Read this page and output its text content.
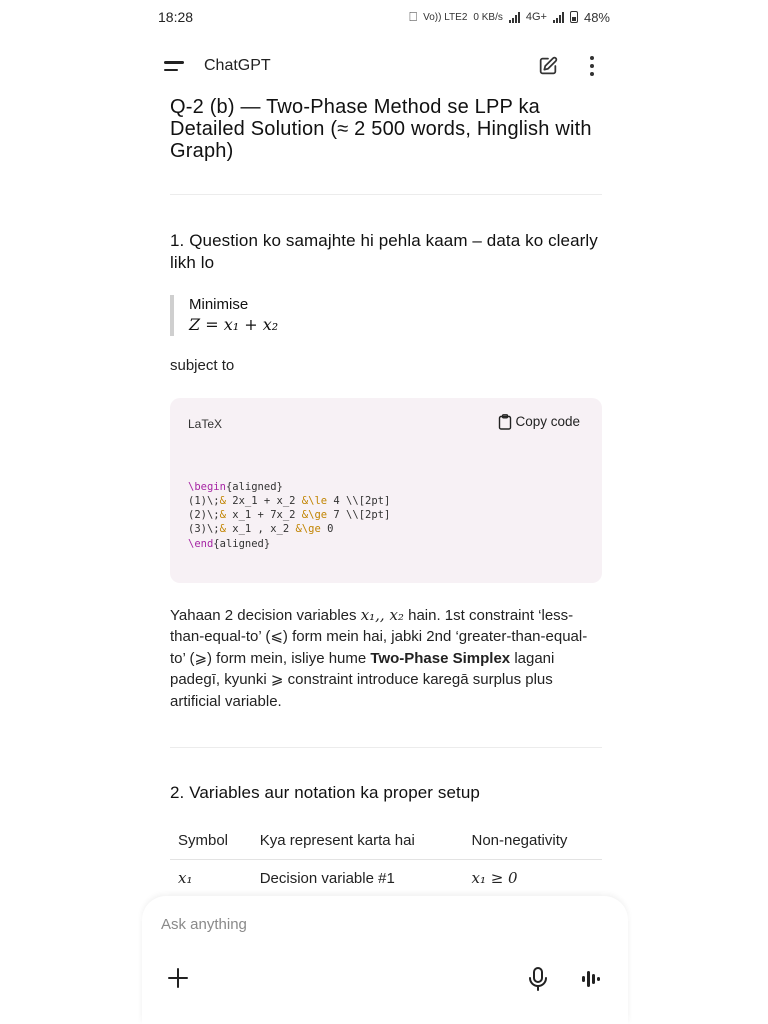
18:28	⎕ Vo)) LTE2 0 KB/s 4G+	48%
ChatGPT
Q-2 (b) — Two-Phase Method se LPP ka Detailed Solution (≈ 2 500 words, Hinglish with Graph)
1. Question ko samajhte hi pehla kaam – data ko clearly likh lo
Minimise
Z = x₁ + x₂
subject to
LaTeX	Copy code
\begin{aligned}
(1)\;& 2x_1 + x_2 &\le 4 \\[2pt]
(2)\;& x_1 + 7x_2 &\ge 7 \\[2pt]
(3)\;& x_1 , x_2 &\ge 0
\end{aligned}
Yahaan 2 decision variables x₁,, x₂ hain. 1st constraint ‘less-than-equal-to’ (⩽) form mein hai, jabki 2nd ‘greater-than-equal-to’ (⩾) form mein, isliye hume Two-Phase Simplex lagani padegī, kyunki ⩾ constraint introduce karegā surplus plus artificial variable.
2. Variables aur notation ka proper setup
Symbol	Kya represent karta hai	Non-negativity
x₁	Decision variable #1	x₁ ≥ 0
Ask anything
